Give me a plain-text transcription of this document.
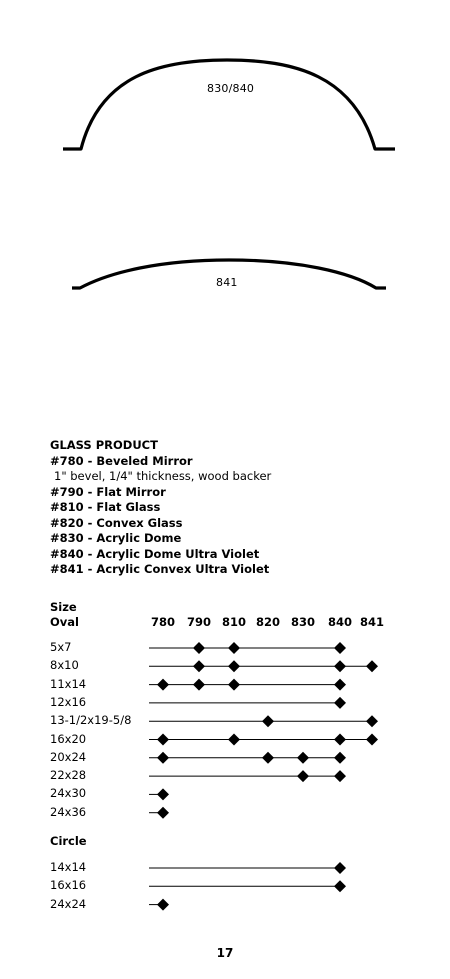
830/840
841
GLASS PRODUCT
#780 - Beveled Mirror
1" bevel, 1/4" thickness, wood backer
#790 - Flat Mirror
#810 - Flat Glass
#820 - Convex Glass
#830 - Acrylic Dome
#840 - Acrylic Dome Ultra Violet
#841 - Acrylic Convex Ultra Violet
Size
Oval
Circle
780	790 810 820 830	840 841
5x7
8x10
11x14
12x16
13-1/2x19-5/8
16x20
20x24
22x28
24x30
24x36
14x14
16x16
24x24
17
